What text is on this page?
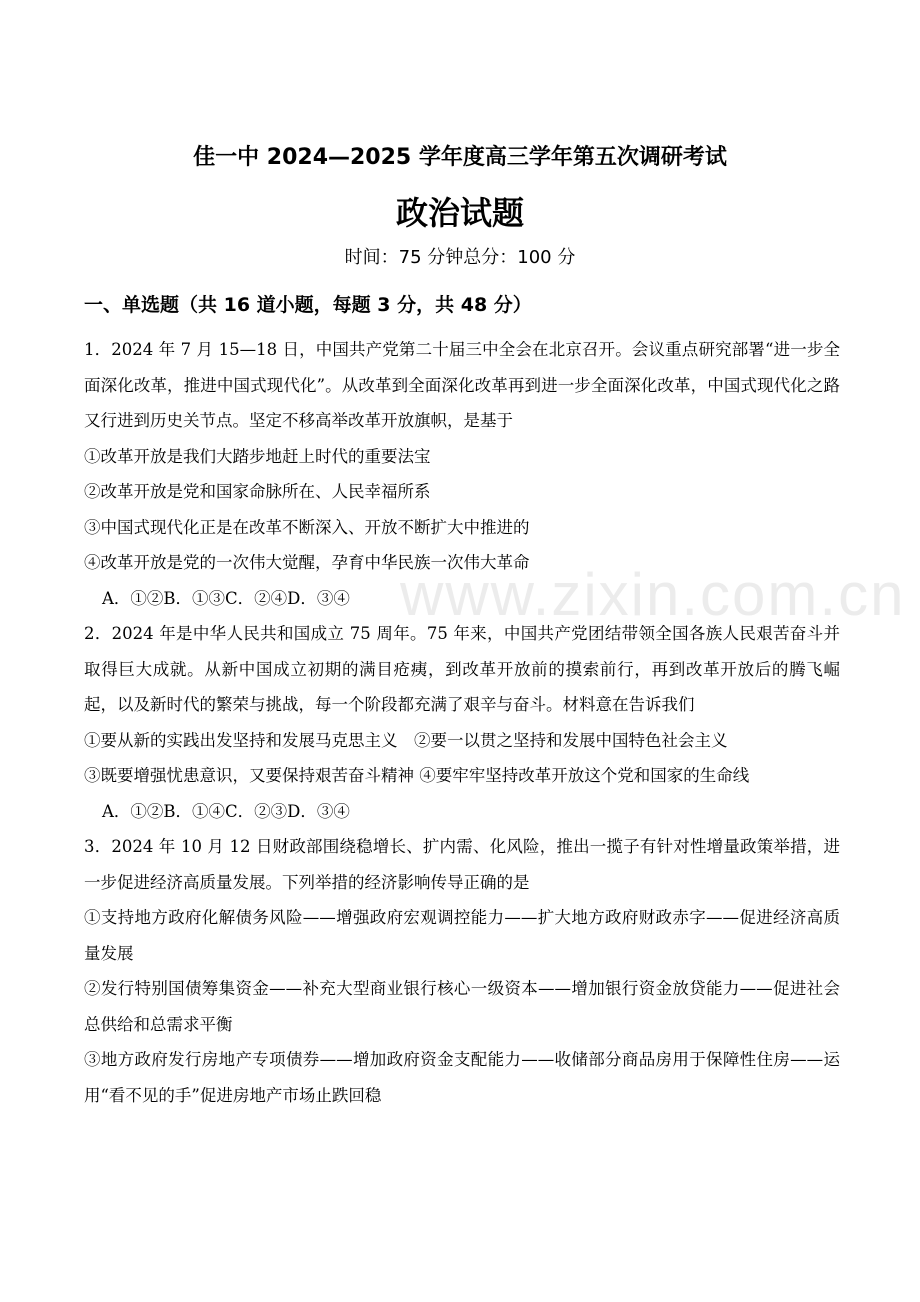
www.zixin.com.cn
佳一中 2024—2025 学年度高三学年第五次调研考试
政治试题
时间：75 分钟总分：100 分
一、单选题（共 16 道小题，每题 3 分，共 48 分）
1．2024 年 7 月 15—18 日，中国共产党第二十届三中全会在北京召开。会议重点研究部署“进一步全面深化改革，推进中国式现代化”。从改革到全面深化改革再到进一步全面深化改革，中国式现代化之路又行进到历史关节点。坚定不移高举改革开放旗帜，是基于
①改革开放是我们大踏步地赶上时代的重要法宝
②改革开放是党和国家命脉所在、人民幸福所系
③中国式现代化正是在改革不断深入、开放不断扩大中推进的
④改革开放是党的一次伟大觉醒，孕育中华民族一次伟大革命
A．①②B．①③C．②④D．③④
2．2024 年是中华人民共和国成立 75 周年。75 年来，中国共产党团结带领全国各族人民艰苦奋斗并取得巨大成就。从新中国成立初期的满目疮痍，到改革开放前的摸索前行，再到改革开放后的腾飞崛起，以及新时代的繁荣与挑战，每一个阶段都充满了艰辛与奋斗。材料意在告诉我们
①要从新的实践出发坚持和发展马克思主义　②要一以贯之坚持和发展中国特色社会主义
③既要增强忧患意识，又要保持艰苦奋斗精神 ④要牢牢坚持改革开放这个党和国家的生命线
A．①②B．①④C．②③D．③④
3．2024 年 10 月 12 日财政部围绕稳增长、扩内需、化风险，推出一揽子有针对性增量政策举措，进一步促进经济高质量发展。下列举措的经济影响传导正确的是
①支持地方政府化解债务风险——增强政府宏观调控能力——扩大地方政府财政赤字——促进经济高质量发展
②发行特别国债筹集资金——补充大型商业银行核心一级资本——增加银行资金放贷能力——促进社会总供给和总需求平衡
③地方政府发行房地产专项债券——增加政府资金支配能力——收储部分商品房用于保障性住房——运用“看不见的手”促进房地产市场止跌回稳
